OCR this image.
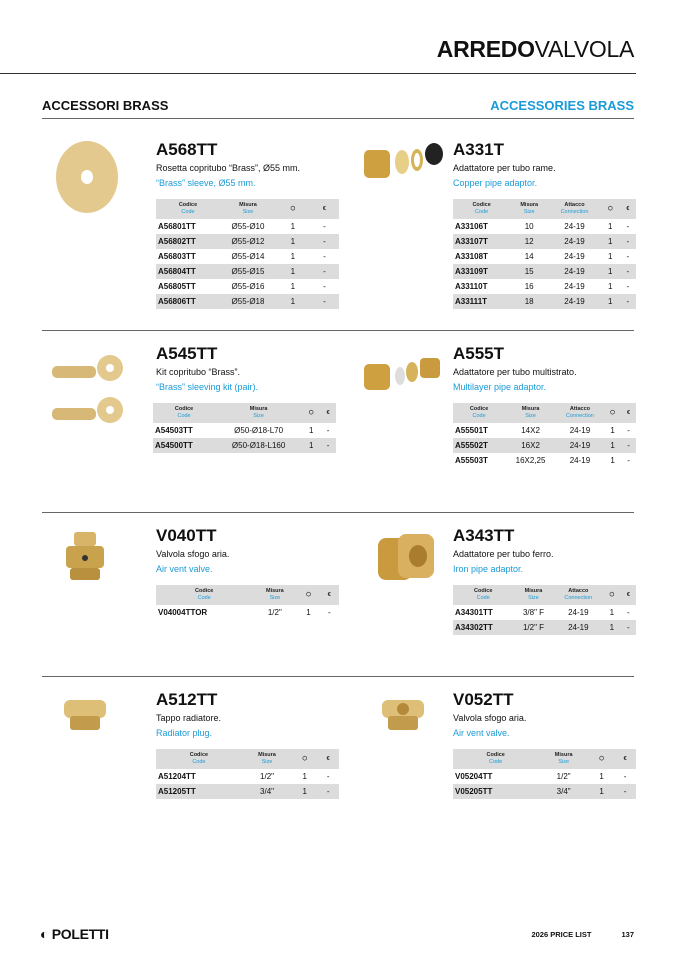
ARREDOVALVOLA
ACCESSORI BRASS	ACCESSORIES BRASS
A568TT
Rosetta copritubo “Brass”, Ø55 mm.
“Brass” sleeve, Ø55 mm.
Codice
Code	Misura
Size	⬡	€
A56801TT	Ø55-Ø10	1	-
A56802TT	Ø55-Ø12	1	-
A56803TT	Ø55-Ø14	1	-
A56804TT	Ø55-Ø15	1	-
A56805TT	Ø55-Ø16	1	-
A56806TT	Ø55-Ø18	1	-
A331T
Adattatore per tubo rame.
Copper pipe adaptor.
Codice
Code	Misura
Size	Attacco
Connection	⬡	€
A33106T	10	24-19	1	-
A33107T	12	24-19	1	-
A33108T	14	24-19	1	-
A33109T	15	24-19	1	-
A33110T	16	24-19	1	-
A33111T	18	24-19	1	-
A545TT
Kit copritubo “Brass”.
“Brass” sleeving kit (pair).
Codice
Code	Misura
Size	⬡	€
A54503TT	Ø50-Ø18-L70	1	-
A54500TT	Ø50-Ø18-L160	1	-
A555T
Adattatore per tubo multistrato.
Multilayer pipe adaptor.
Codice
Code	Misura
Size	Attacco
Connection	⬡	€
A55501T	14X2	24-19	1	-
A55502T	16X2	24-19	1	-
A55503T	16X2,25	24-19	1	-
V040TT
Valvola sfogo aria.
Air vent valve.
Codice
Code	Misura
Size	⬡	€
V04004TTOR	1/2"	1	-
A343TT
Adattatore per tubo ferro.
Iron pipe adaptor.
Codice
Code	Misura
Size	Attacco
Connection	⬡	€
A34301TT	3/8" F	24-19	1	-
A34302TT	1/2" F	24-19	1	-
A512TT
Tappo radiatore.
Radiator plug.
Codice
Code	Misura
Size	⬡	€
A51204TT	1/2"	1	-
A51205TT	3/4"	1	-
V052TT
Valvola sfogo aria.
Air vent valve.
Codice
Code	Misura
Size	⬡	€
V05204TT	1/2"	1	-
V05205TT	3/4"	1	-
◐ POLETTI	2026 PRICE LIST	137
